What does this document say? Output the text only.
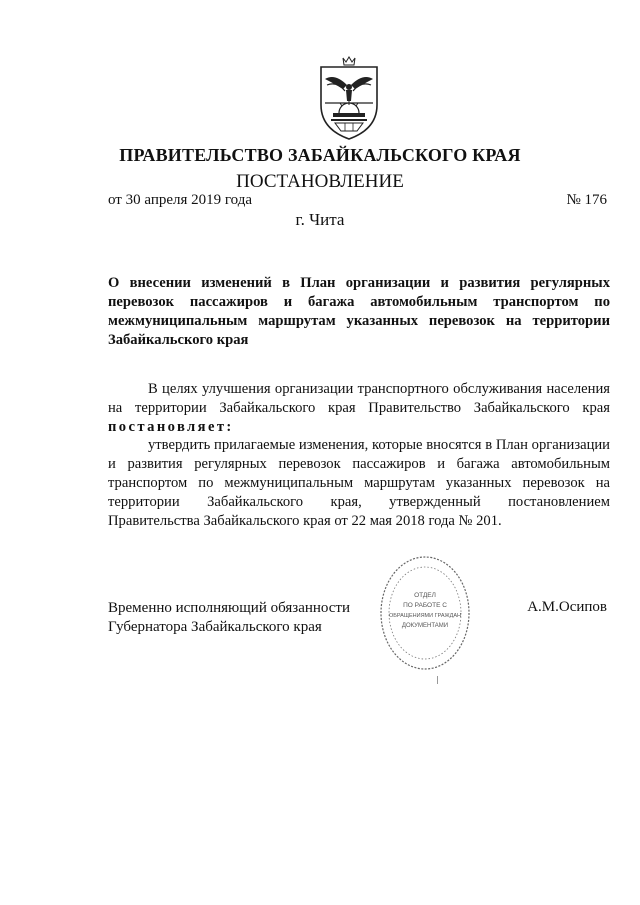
ПРАВИТЕЛЬСТВО ЗАБАЙКАЛЬСКОГО КРАЯ
ПОСТАНОВЛЕНИЕ
от 30 апреля 2019 года	№ 176
г. Чита
О внесении изменений в План организации и развития регулярных перевозок пассажиров и багажа автомобильным транспортом по межмуниципальным маршрутам указанных перевозок на территории Забайкальского края

В целях улучшения организации транспортного обслуживания населения на территории Забайкальского края Правительство Забайкальского края постановляет:

утвердить прилагаемые изменения, которые вносятся в План организации и развития регулярных перевозок пассажиров и багажа автомобильным транспортом по межмуниципальным маршрутам указанных перевозок на территории Забайкальского края, утвержденный постановлением Правительства Забайкальского края от 22 мая 2018 года № 201.

Временно исполняющий обязанности
Губернатора Забайкальского края
ОТДЕЛ
ПО РАБОТЕ С
ОБРАЩЕНИЯМИ ГРАЖДАН
ДОКУМЕНТАМИ
А.М.Осипов
